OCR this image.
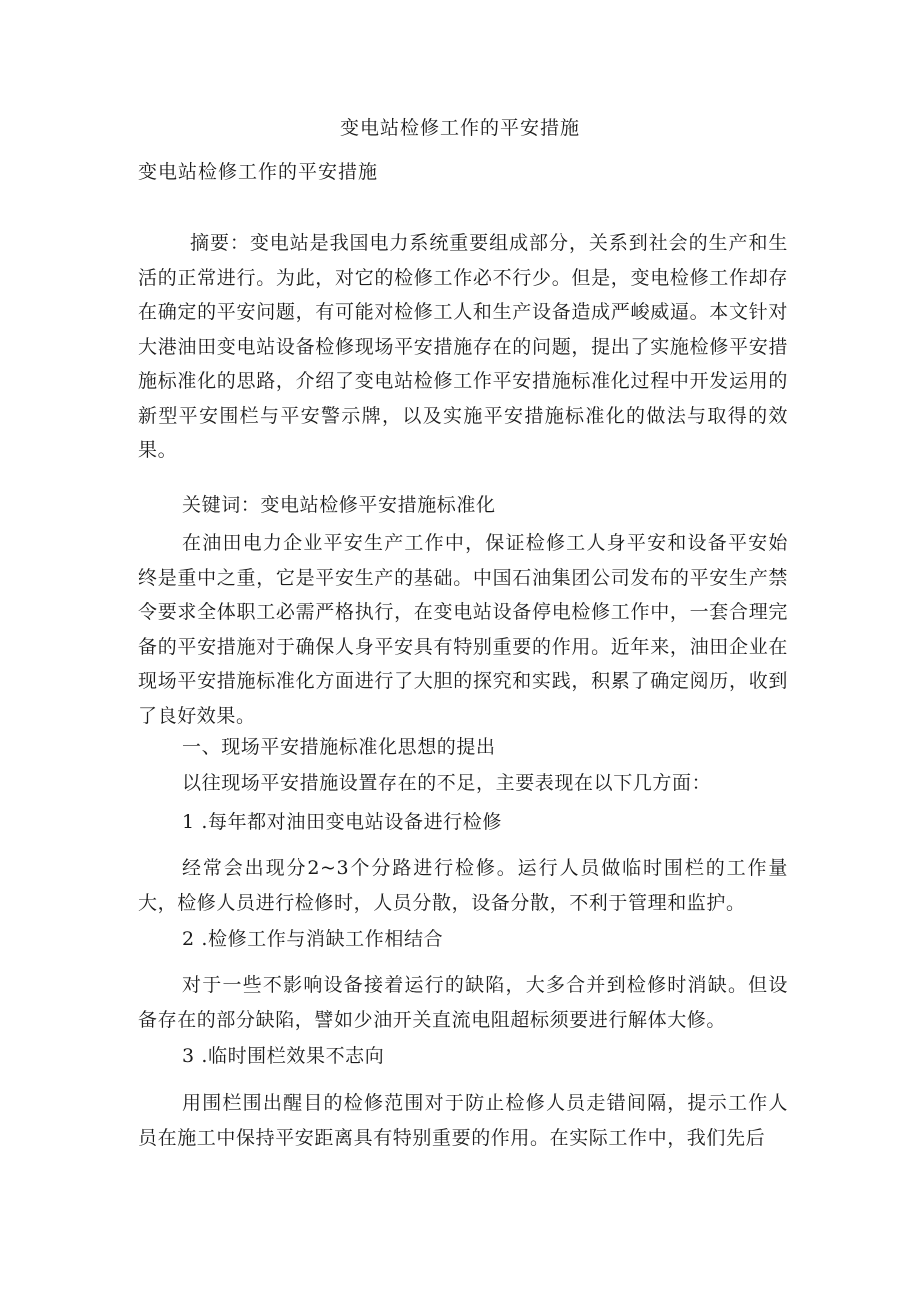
变电站检修工作的平安措施
变电站检修工作的平安措施
摘要：变电站是我国电力系统重要组成部分，关系到社会的生产和生活的正常进行。为此，对它的检修工作必不行少。但是，变电检修工作却存在确定的平安问题，有可能对检修工人和生产设备造成严峻威逼。本文针对大港油田变电站设备检修现场平安措施存在的问题，提出了实施检修平安措施标准化的思路，介绍了变电站检修工作平安措施标准化过程中开发运用的新型平安围栏与平安警示牌，以及实施平安措施标准化的做法与取得的效果。
关键词：变电站检修平安措施标准化
在油田电力企业平安生产工作中，保证检修工人身平安和设备平安始终是重中之重，它是平安生产的基础。中国石油集团公司发布的平安生产禁令要求全体职工必需严格执行，在变电站设备停电检修工作中，一套合理完备的平安措施对于确保人身平安具有特别重要的作用。近年来，油田企业在现场平安措施标准化方面进行了大胆的探究和实践，积累了确定阅历，收到了良好效果。
一、现场平安措施标准化思想的提出
以往现场平安措施设置存在的不足，主要表现在以下几方面：
1 .每年都对油田变电站设备进行检修
经常会出现分2~3个分路进行检修。运行人员做临时围栏的工作量大，检修人员进行检修时，人员分散，设备分散，不利于管理和监护。
2 .检修工作与消缺工作相结合
对于一些不影响设备接着运行的缺陷，大多合并到检修时消缺。但设备存在的部分缺陷，譬如少油开关直流电阻超标须要进行解体大修。
3 .临时围栏效果不志向
用围栏围出醒目的检修范围对于防止检修人员走错间隔，提示工作人员在施工中保持平安距离具有特别重要的作用。在实际工作中，我们先后
